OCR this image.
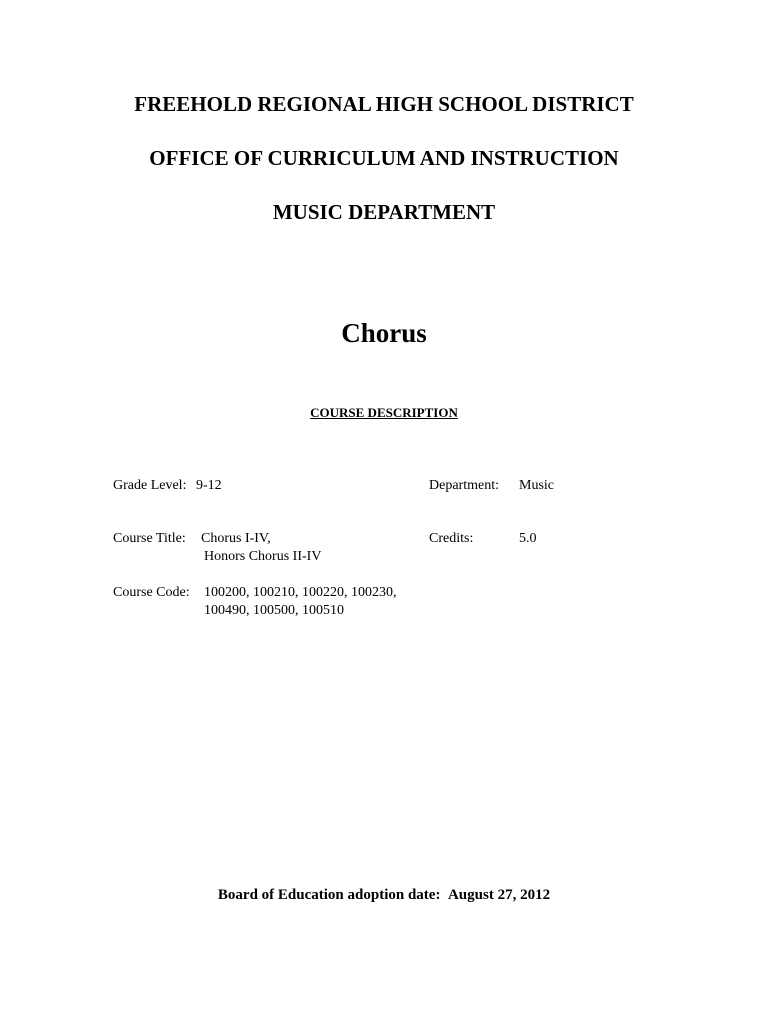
FREEHOLD REGIONAL HIGH SCHOOL DISTRICT
OFFICE OF CURRICULUM AND INSTRUCTION
MUSIC DEPARTMENT
Chorus
COURSE DESCRIPTION
Grade Level: 9-12	Department: Music
Course Title: Chorus I-IV,
Honors Chorus II-IV
Credits:	5.0
Course Code: 100200, 100210, 100220, 100230,
100490, 100500, 100510
Board of Education adoption date: August 27, 2012
